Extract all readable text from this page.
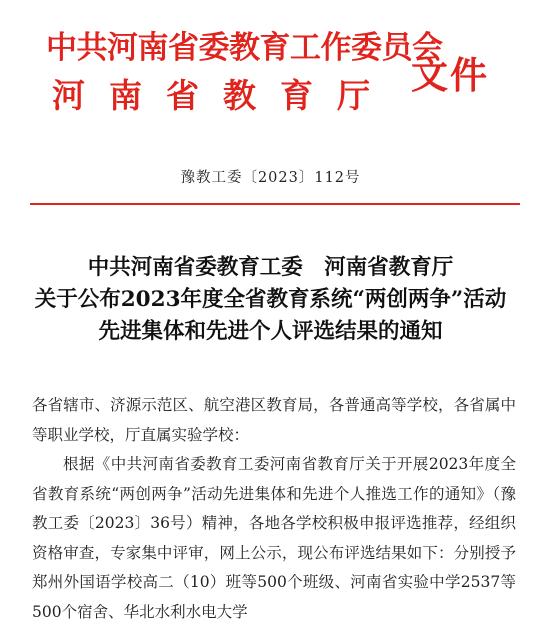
中共河南省委教育工作委员会
河南省教育厅 文件
豫教工委〔2023〕112号
中共河南省委教育工委　河南省教育厅
关于公布2023年度全省教育系统“两创两争”活动
先进集体和先进个人评选结果的通知

各省辖市、济源示范区、航空港区教育局，各普通高等学校，各省属中等职业学校，厅直属实验学校：

根据《中共河南省委教育工委河南省教育厅关于开展2023年度全省教育系统“两创两争”活动先进集体和先进个人推选工作的通知》（豫教工委〔2023〕36号）精神，各地各学校积极申报评选推荐，经组织资格审查，专家集中评审，网上公示，现公布评选结果如下：分别授予郑州外国语学校高二（10）班等500个班级、河南省实验中学2537等500个宿舍、华北水利水电大学
